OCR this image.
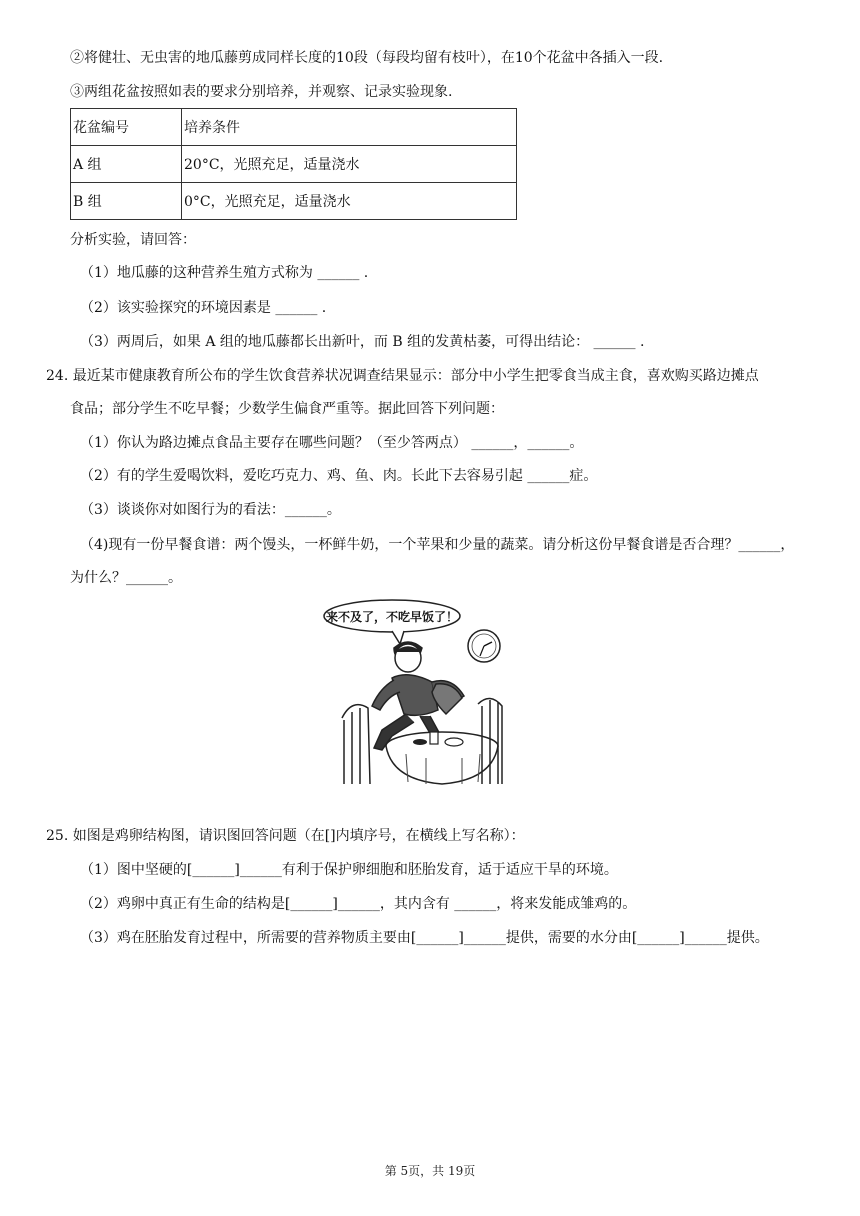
②将健壮、无虫害的地瓜藤剪成同样长度的10段（每段均留有枝叶），在10个花盆中各插入一段.
③两组花盆按照如表的要求分别培养，并观察、记录实验现象.
花盆编号	培养条件
A 组	20°C，光照充足，适量浇水
B 组	0°C，光照充足，适量浇水
分析实验，请回答：
（1）地瓜藤的这种营养生殖方式称为 ______ .
（2）该实验探究的环境因素是 ______ .
（3）两周后，如果 A 组的地瓜藤都长出新叶，而 B 组的发黄枯萎，可得出结论： ______ .
24. 最近某市健康教育所公布的学生饮食营养状况调查结果显示：部分中小学生把零食当成主食，喜欢购买路边摊点
食品；部分学生不吃早餐；少数学生偏食严重等。据此回答下列问题：
（1）你认为路边摊点食品主要存在哪些问题？（至少答两点） ______，______。
（2）有的学生爱喝饮料，爱吃巧克力、鸡、鱼、肉。长此下去容易引起 ______症。
（3）谈谈你对如图行为的看法：______。
（4)现有一份早餐食谱：两个馒头，一杯鲜牛奶，一个苹果和少量的蔬菜。请分析这份早餐食谱是否合理？______，
为什么？______。
来不及了，不吃早饭了！
25. 如图是鸡卵结构图，请识图回答问题（在[]内填序号，在横线上写名称）：
（1）图中坚硬的[______]______有利于保护卵细胞和胚胎发育，适于适应干旱的环境。
（2）鸡卵中真正有生命的结构是[______]______，其内含有 ______，将来发能成雏鸡的。
（3）鸡在胚胎发育过程中，所需要的营养物质主要由[______]______提供，需要的水分由[______]______提供。
第 5页，共 19页
